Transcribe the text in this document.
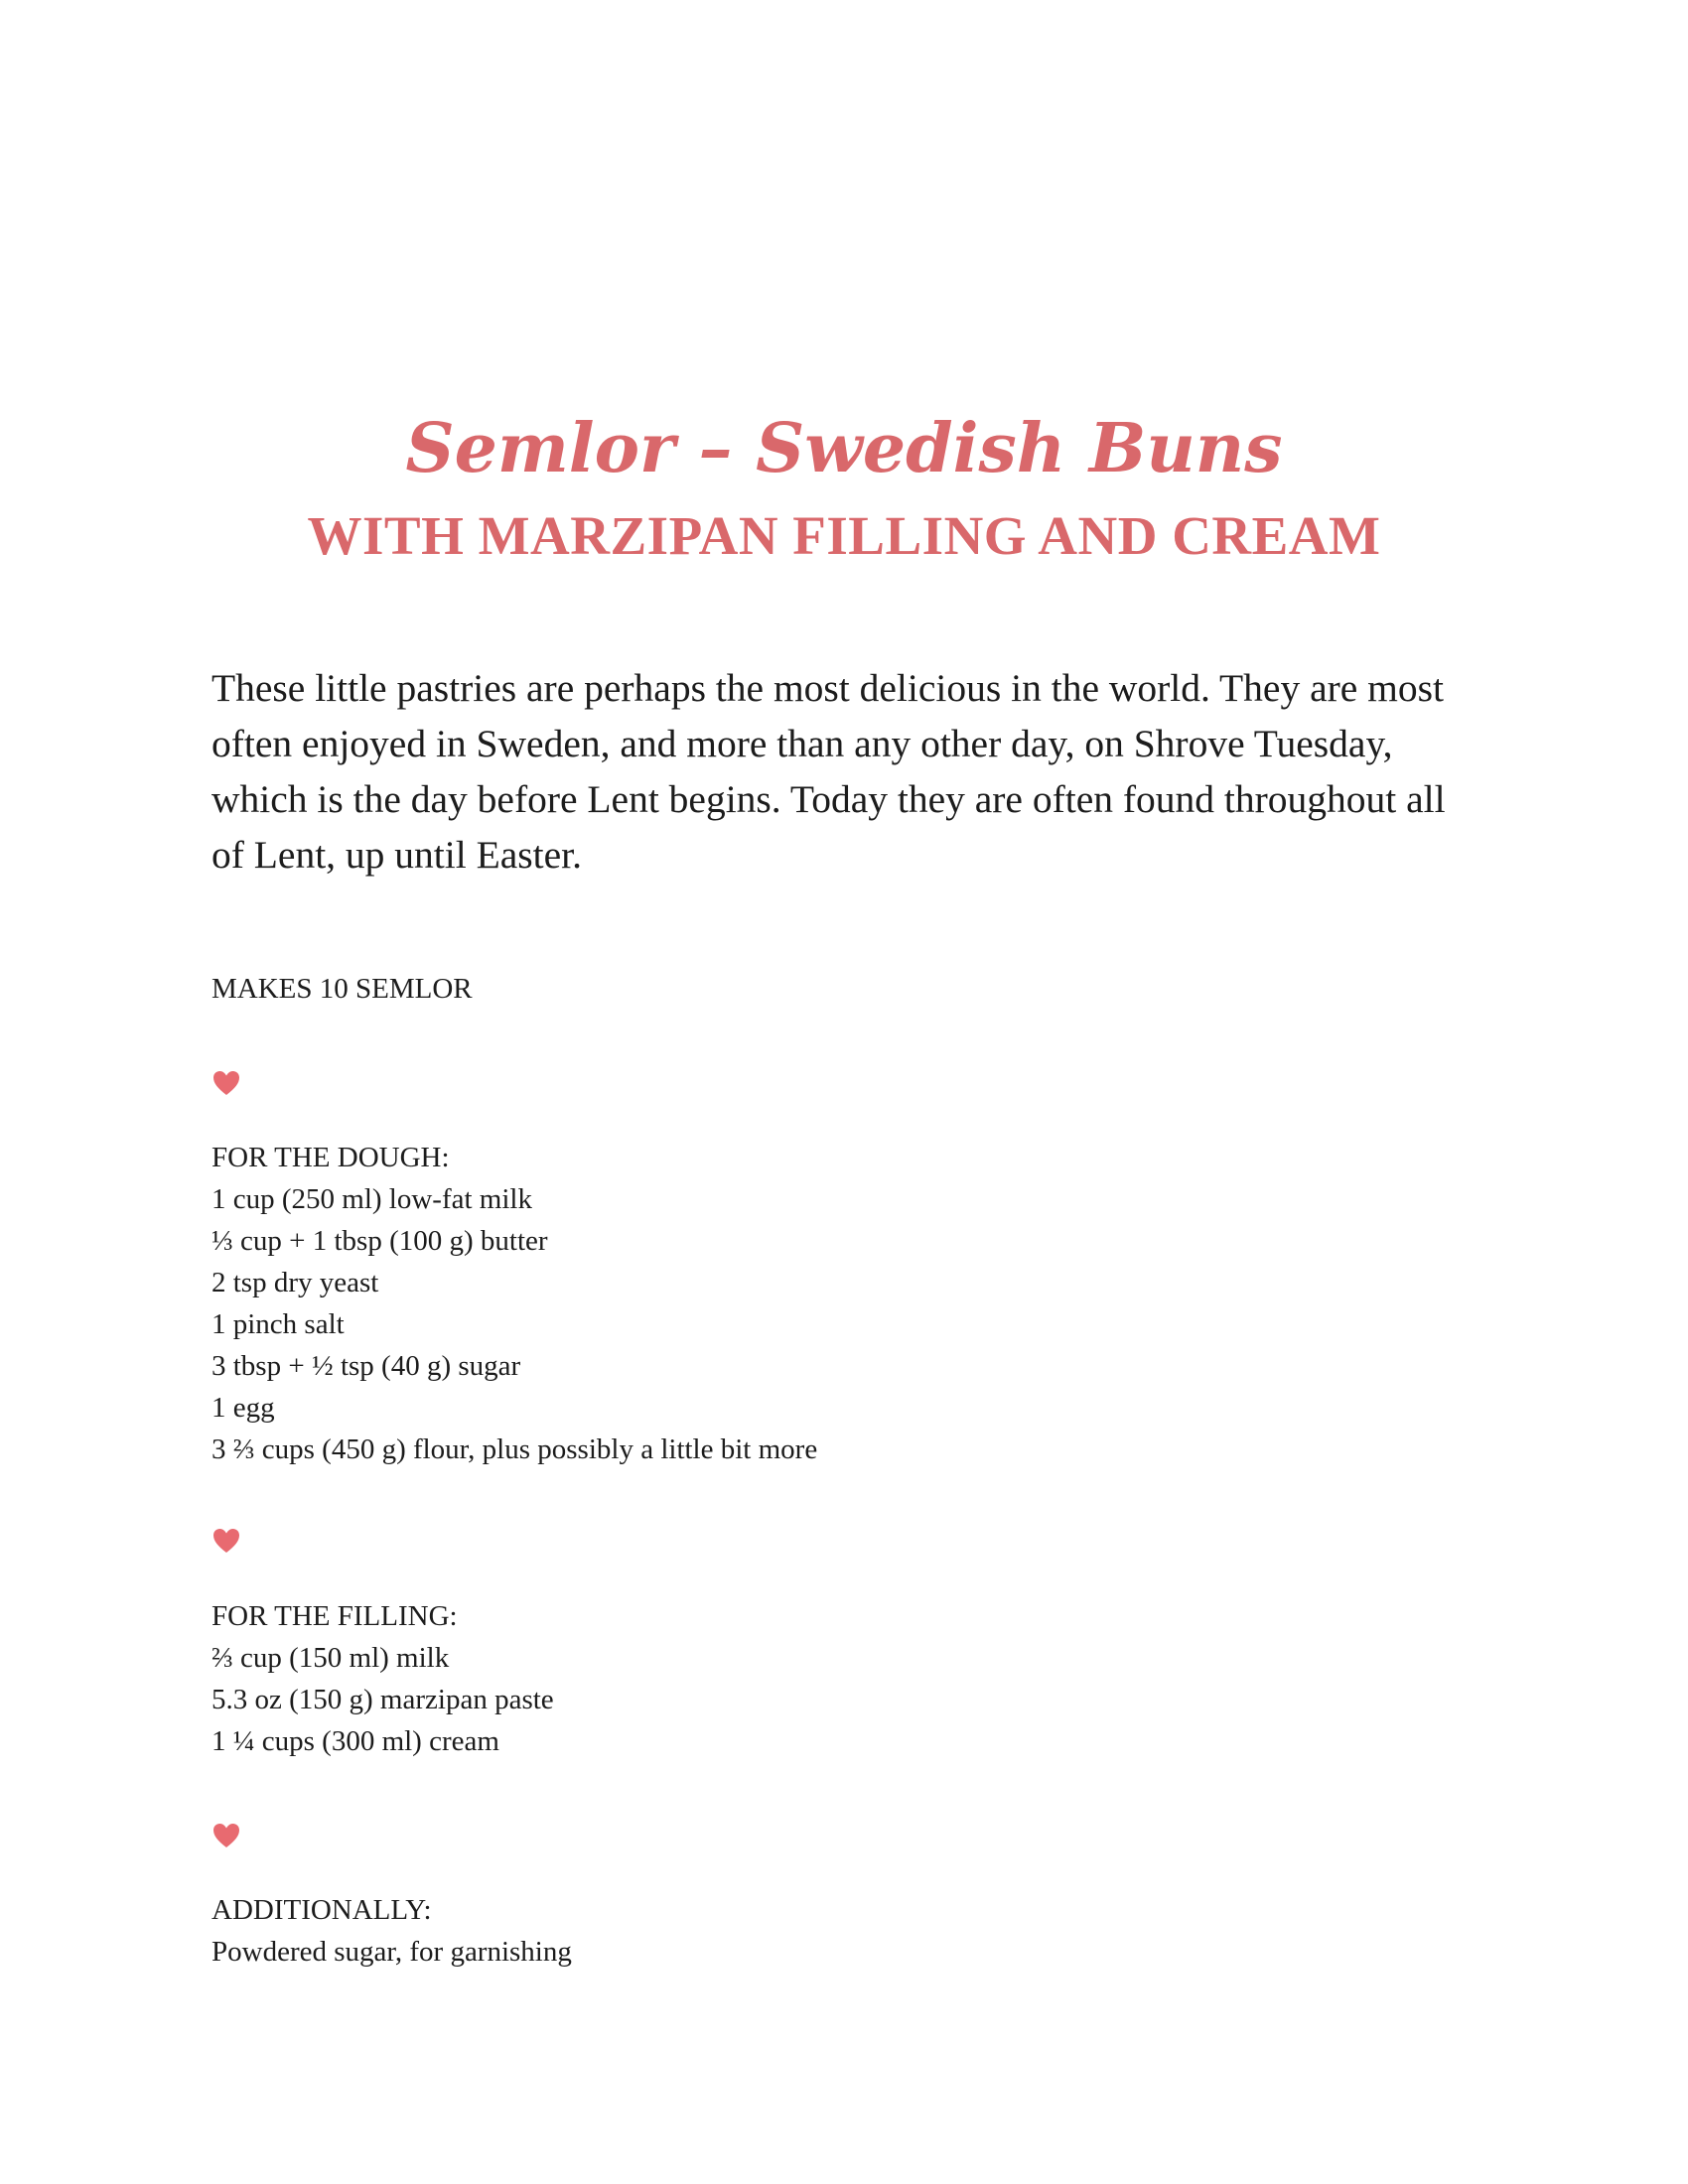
Semlor – Swedish Buns
WITH MARZIPAN FILLING AND CREAM

These little pastries are perhaps the most delicious in the world. They are most often enjoyed in Sweden, and more than any other day, on Shrove Tuesday, which is the day before Lent begins. Today they are often found throughout all of Lent, up until Easter.

MAKES 10 SEMLOR

FOR THE DOUGH:
1 cup (250 ml) low-fat milk
⅓ cup + 1 tbsp (100 g) butter
2 tsp dry yeast
1 pinch salt
3 tbsp + ½ tsp (40 g) sugar
1 egg
3 ⅔ cups (450 g) flour, plus possibly a little bit more
FOR THE FILLING:
⅔ cup (150 ml) milk
5.3 oz (150 g) marzipan paste
1 ¼ cups (300 ml) cream
ADDITIONALLY:
Powdered sugar, for garnishing
